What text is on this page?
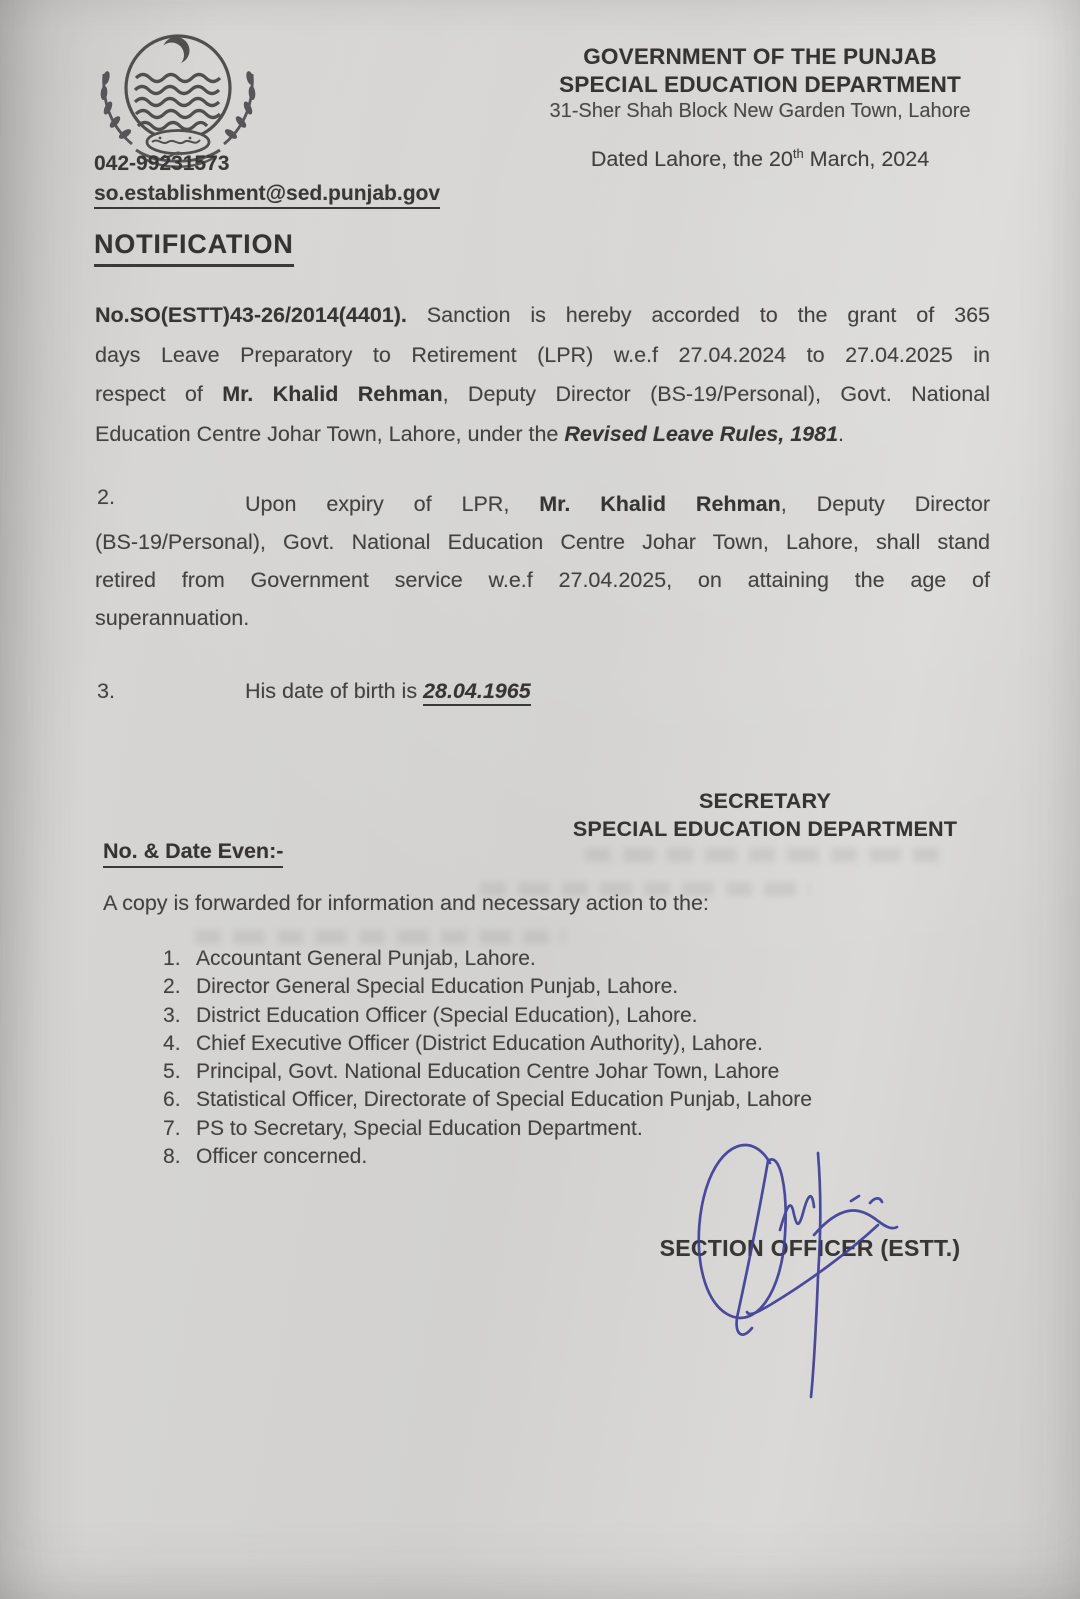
042-99231573
so.establishment@sed.punjab.gov
GOVERNMENT OF THE PUNJAB
SPECIAL EDUCATION DEPARTMENT
31-Sher Shah Block New Garden Town, Lahore
Dated Lahore, the 20th March, 2024
NOTIFICATION
No.SO(ESTT)43-26/2014(4401). Sanction is hereby accorded to the grant of 365
days Leave Preparatory to Retirement (LPR) w.e.f 27.04.2024 to 27.04.2025 in
respect of Mr. Khalid Rehman, Deputy Director (BS-19/Personal), Govt. National
Education Centre Johar Town, Lahore, under the Revised Leave Rules, 1981.
2.	Upon expiry of LPR, Mr. Khalid Rehman, Deputy Director
(BS-19/Personal), Govt. National Education Centre Johar Town, Lahore, shall stand
retired from Government service w.e.f 27.04.2025, on attaining the age of
superannuation.
3.	His date of birth is 28.04.1965
SECRETARY
SPECIAL EDUCATION DEPARTMENT
No. & Date Even:-
A copy is forwarded for information and necessary action to the:
Accountant General Punjab, Lahore.
Director General Special Education Punjab, Lahore.
District Education Officer (Special Education), Lahore.
Chief Executive Officer (District Education Authority), Lahore.
Principal, Govt. National Education Centre Johar Town, Lahore
Statistical Officer, Directorate of Special Education Punjab, Lahore
PS to Secretary, Special Education Department.
Officer concerned.
SECTION OFFICER (ESTT.)
